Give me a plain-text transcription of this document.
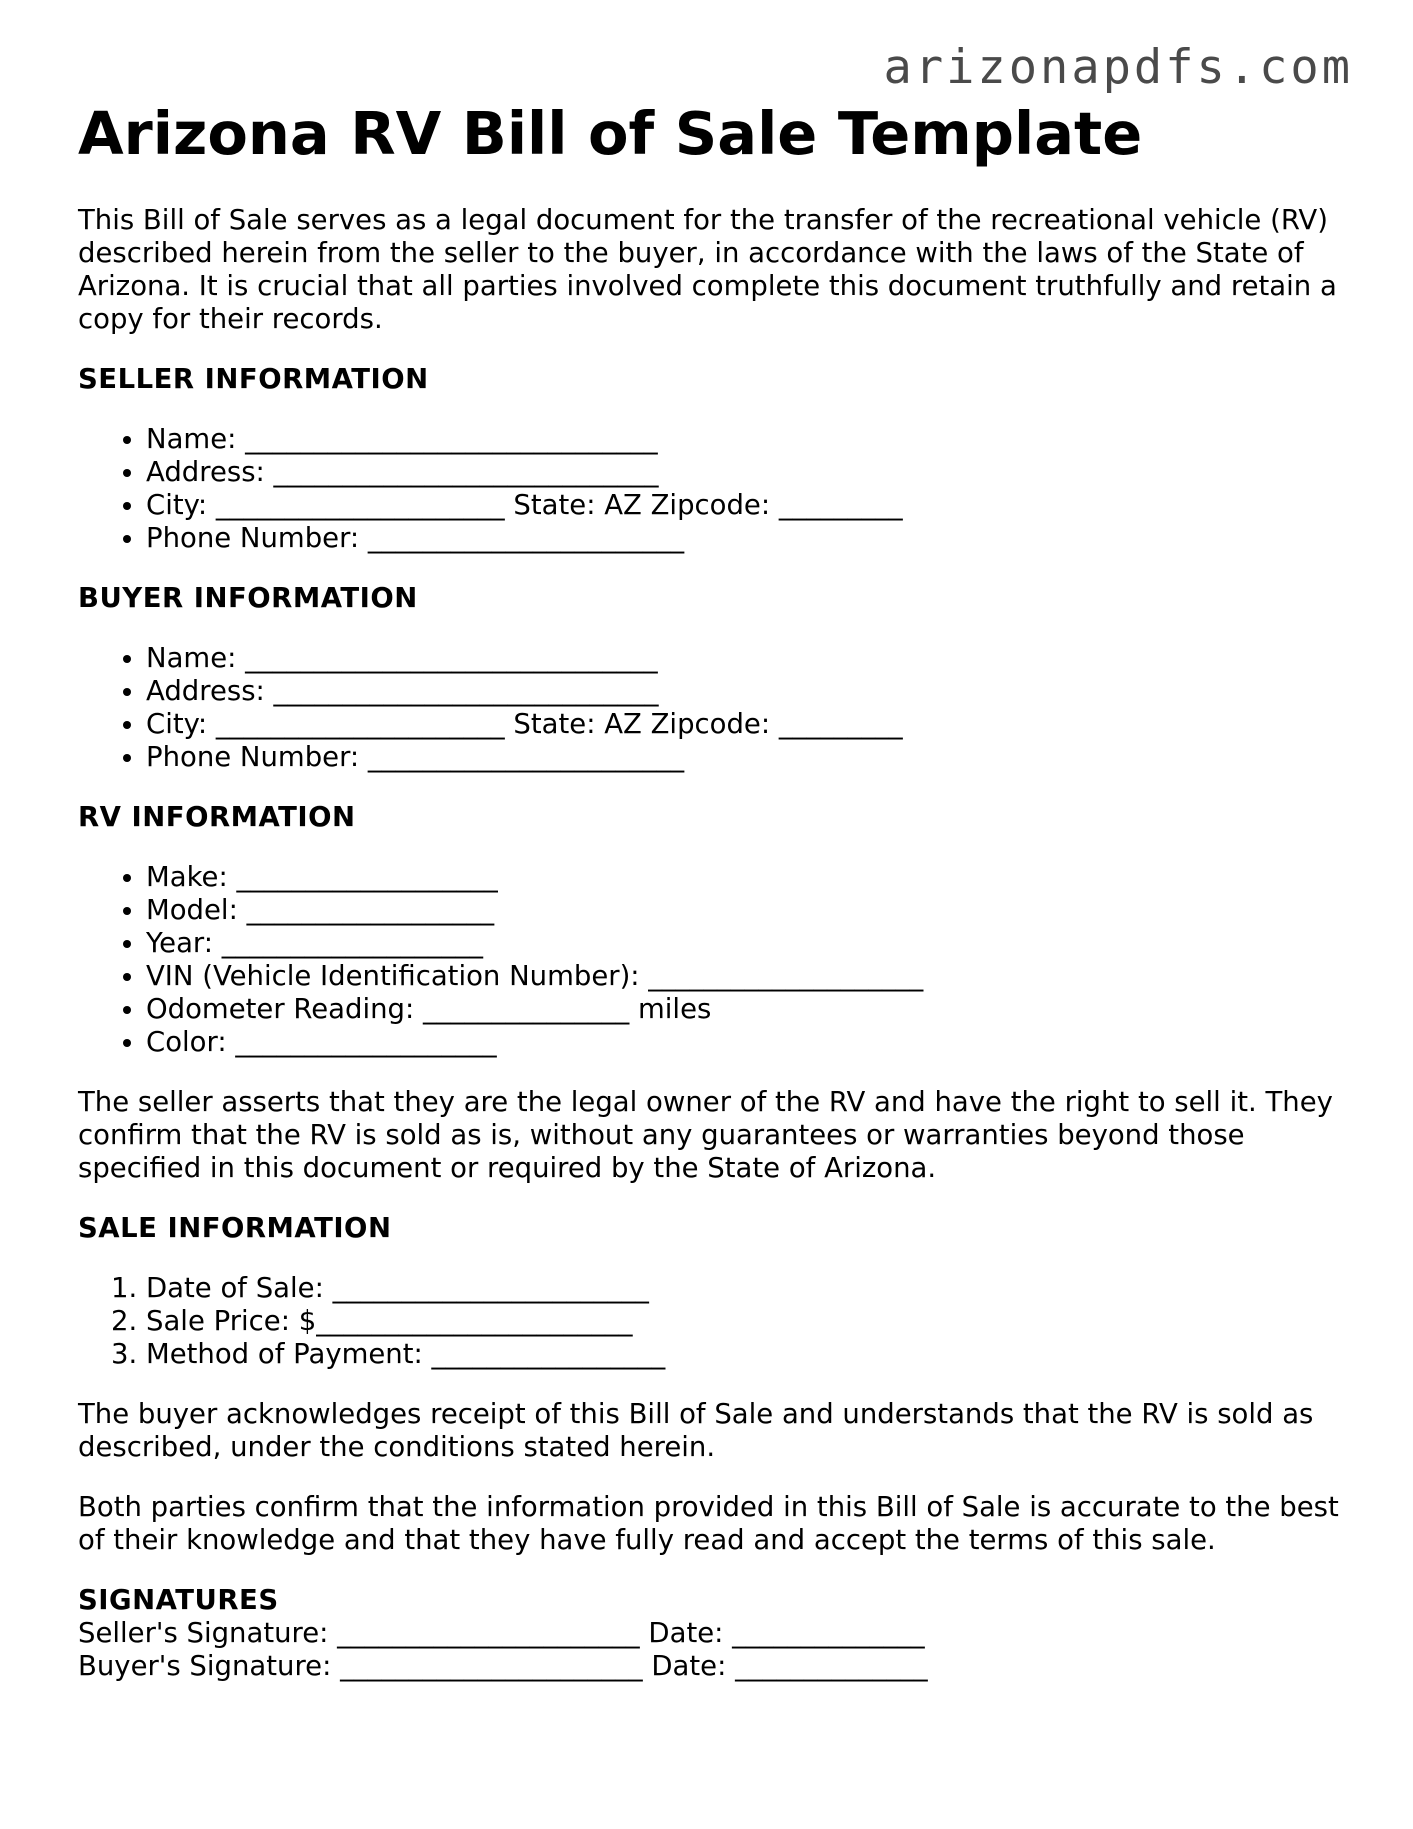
arizonapdfs.com
Arizona RV Bill of Sale Template

This Bill of Sale serves as a legal document for the transfer of the recreational vehicle (RV) described herein from the seller to the buyer, in accordance with the laws of the State of Arizona. It is crucial that all parties involved complete this document truthfully and retain a copy for their records.

SELLER INFORMATION
• Name: ______________________________
• Address: ____________________________
• City: _____________________ State: AZ Zipcode: _________
• Phone Number: _______________________
BUYER INFORMATION
• Name: ______________________________
• Address: ____________________________
• City: _____________________ State: AZ Zipcode: _________
• Phone Number: _______________________
RV INFORMATION
• Make: ___________________
• Model: __________________
• Year: ___________________
• VIN (Vehicle Identification Number): ____________________
• Odometer Reading: _______________ miles
• Color: ___________________

The seller asserts that they are the legal owner of the RV and have the right to sell it. They confirm that the RV is sold as is, without any guarantees or warranties beyond those specified in this document or required by the State of Arizona.

SALE INFORMATION
1. Date of Sale: _______________________
2. Sale Price: $_______________________
3. Method of Payment: _________________

The buyer acknowledges receipt of this Bill of Sale and understands that the RV is sold as described, under the conditions stated herein.

Both parties confirm that the information provided in this Bill of Sale is accurate to the best of their knowledge and that they have fully read and accept the terms of this sale.

SIGNATURES

Seller's Signature: ______________________ Date: ______________

Buyer's Signature: ______________________ Date: ______________
